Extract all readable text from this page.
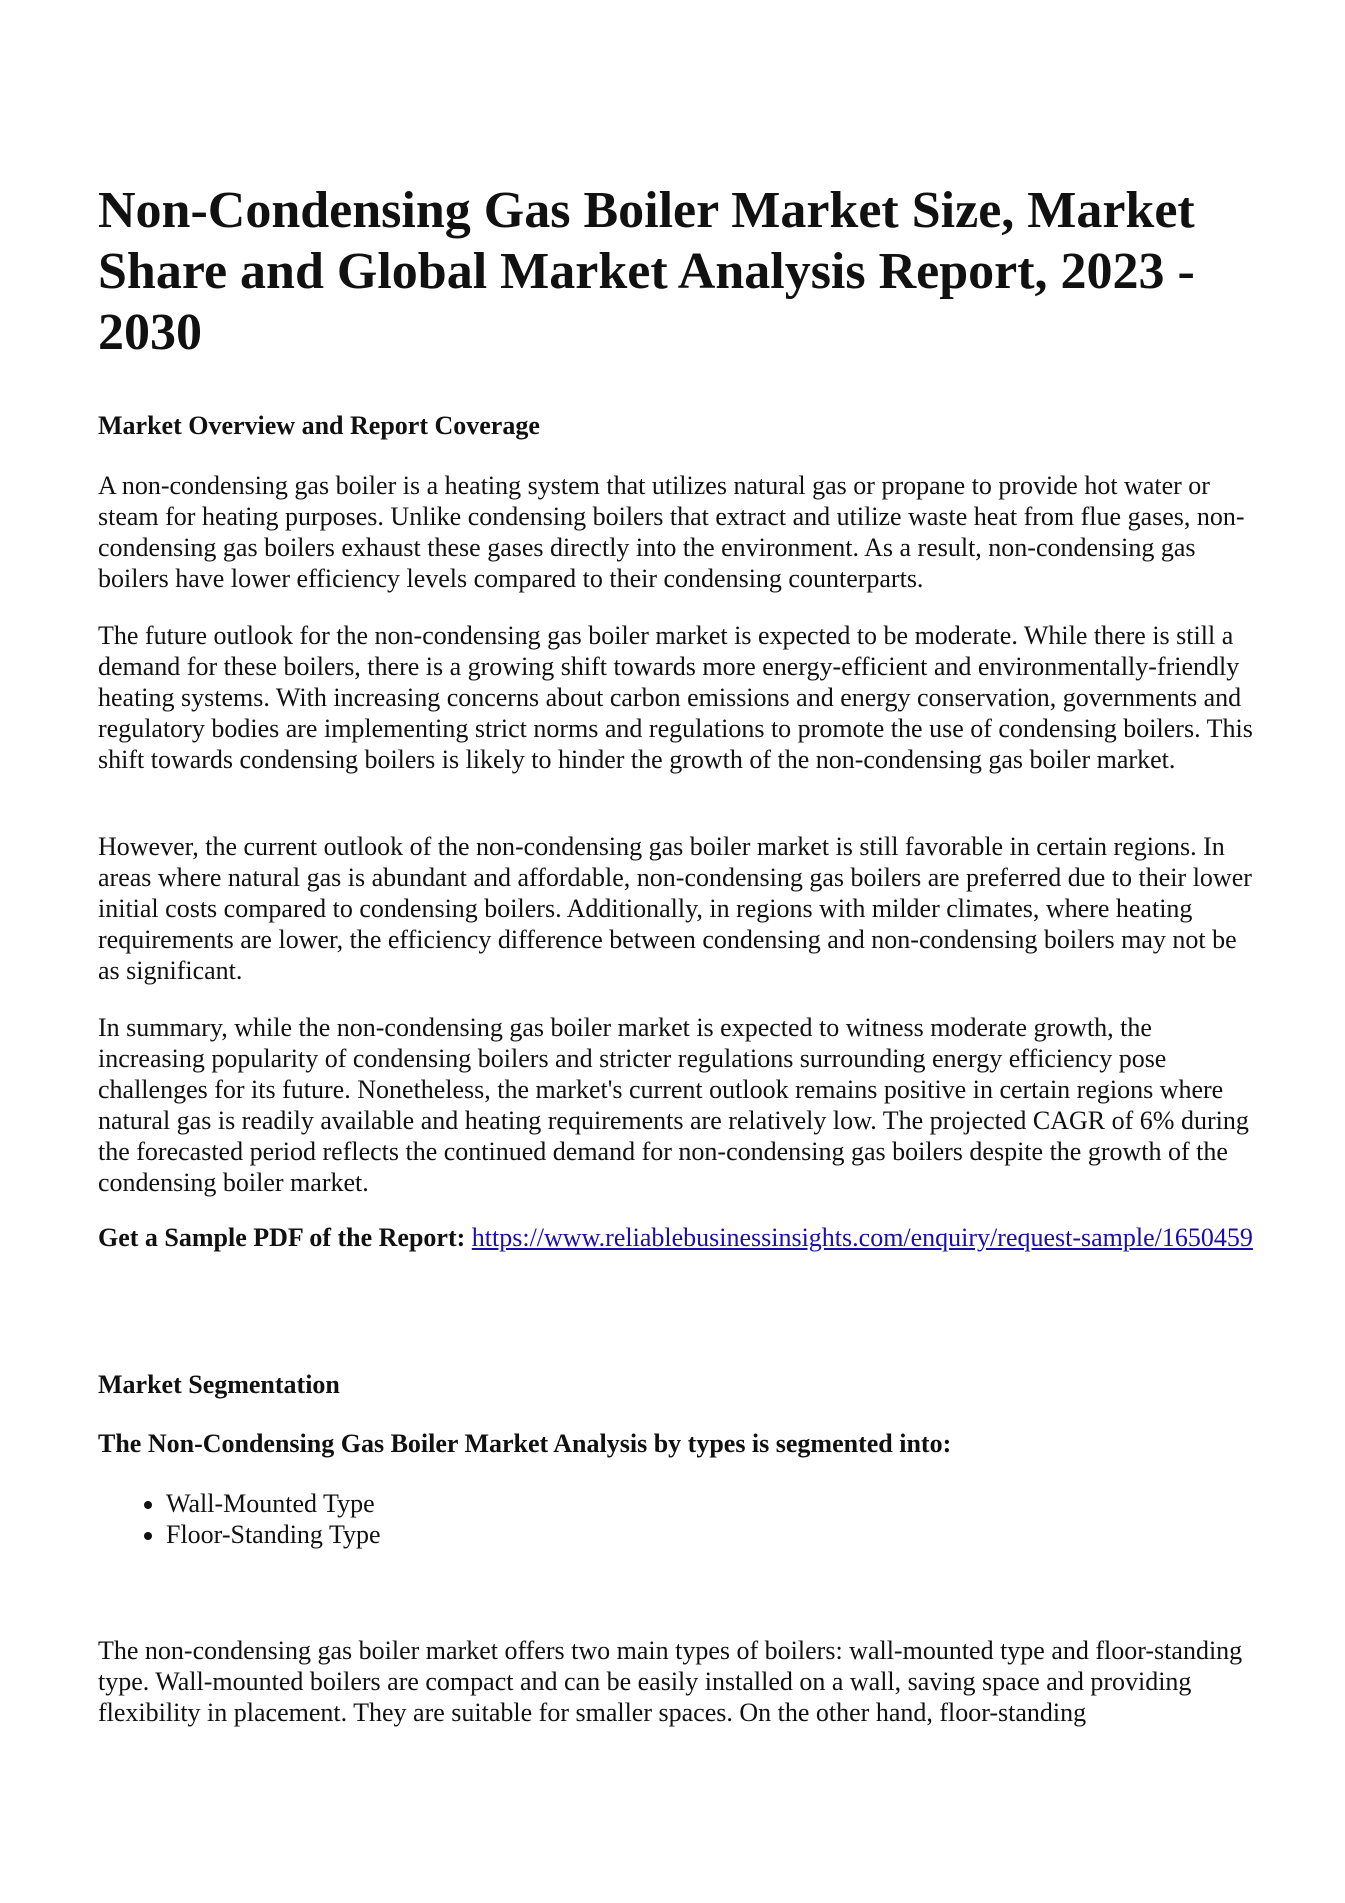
Non-Condensing Gas Boiler Market Size, Market Share and Global Market Analysis Report, 2023 - 2030
Market Overview and Report Coverage

A non-condensing gas boiler is a heating system that utilizes natural gas or propane to provide hot water or steam for heating purposes. Unlike condensing boilers that extract and utilize waste heat from flue gases, non-condensing gas boilers exhaust these gases directly into the environment. As a result, non-condensing gas boilers have lower efficiency levels compared to their condensing counterparts.

The future outlook for the non-condensing gas boiler market is expected to be moderate. While there is still a demand for these boilers, there is a growing shift towards more energy-efficient and environmentally-friendly heating systems. With increasing concerns about carbon emissions and energy conservation, governments and regulatory bodies are implementing strict norms and regulations to promote the use of condensing boilers. This shift towards condensing boilers is likely to hinder the growth of the non-condensing gas boiler market.

However, the current outlook of the non-condensing gas boiler market is still favorable in certain regions. In areas where natural gas is abundant and affordable, non-condensing gas boilers are preferred due to their lower initial costs compared to condensing boilers. Additionally, in regions with milder climates, where heating requirements are lower, the efficiency difference between condensing and non-condensing boilers may not be as significant.

In summary, while the non-condensing gas boiler market is expected to witness moderate growth, the increasing popularity of condensing boilers and stricter regulations surrounding energy efficiency pose challenges for its future. Nonetheless, the market's current outlook remains positive in certain regions where natural gas is readily available and heating requirements are relatively low. The projected CAGR of 6% during the forecasted period reflects the continued demand for non-condensing gas boilers despite the growth of the condensing boiler market.

Get a Sample PDF of the Report: https://www.reliablebusinessinsights.com/enquiry/request-sample/1650459

Market Segmentation
The Non-Condensing Gas Boiler Market Analysis by types is segmented into:
• Wall-Mounted Type
• Floor-Standing Type

The non-condensing gas boiler market offers two main types of boilers: wall-mounted type and floor-standing type. Wall-mounted boilers are compact and can be easily installed on a wall, saving space and providing flexibility in placement. They are suitable for smaller spaces. On the other hand, floor-standing
